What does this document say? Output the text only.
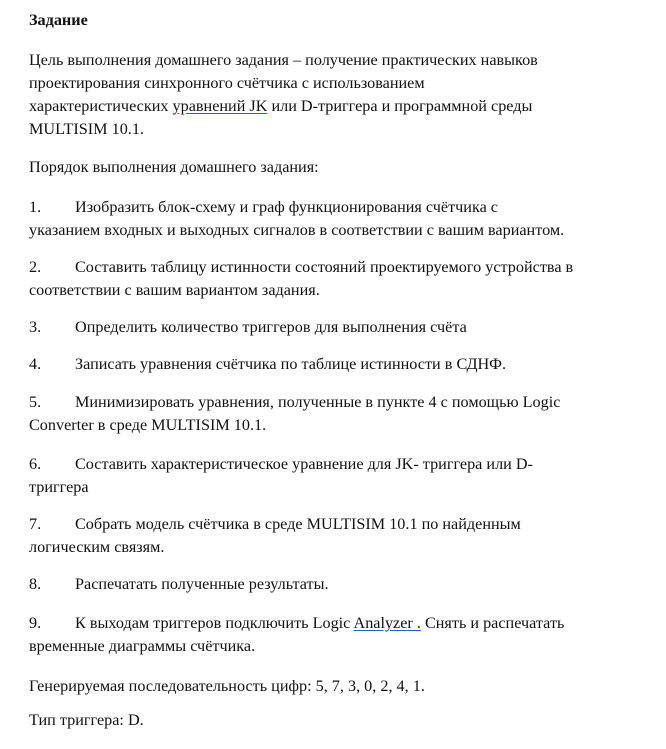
Задание

Цель выполнения домашнего задания – получение практических навыков
проектирования синхронного счётчика с использованием
характеристических уравнений JK или D-триггера и программной среды
MULTISIM 10.1.

Порядок выполнения домашнего задания:

1. Изобразить блок-схему и граф функционирования счётчика с
указанием входных и выходных сигналов в соответствии с вашим вариантом.

2. Составить таблицу истинности состояний проектируемого устройства в
соответствии с вашим вариантом задания.

3. Определить количество триггеров для выполнения счёта

4. Записать уравнения счётчика по таблице истинности в СДНФ.

5. Минимизировать уравнения, полученные в пункте 4 с помощью Logic
Converter в среде MULTISIM 10.1.

6. Составить характеристическое уравнение для JK- триггера или D-
триггера

7. Собрать модель счётчика в среде MULTISIM 10.1 по найденным
логическим связям.

8. Распечатать полученные результаты.

9. К выходам триггеров подключить Logic Analyzer . Снять и распечатать
временные диаграммы счётчика.

Генерируемая последовательность цифр: 5, 7, 3, 0, 2, 4, 1.

Тип триггера: D.
